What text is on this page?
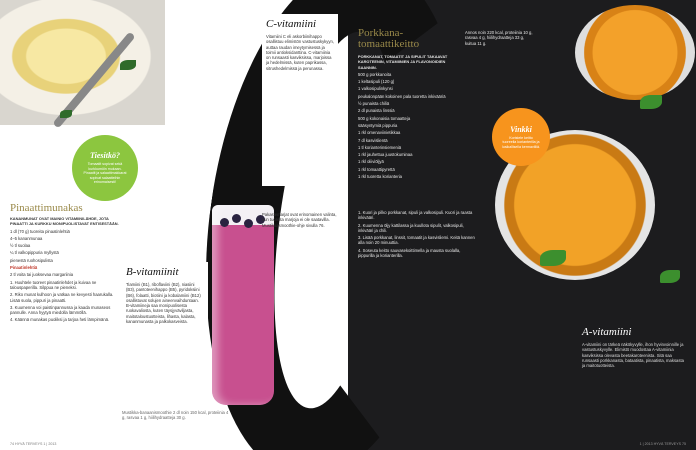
Tiesitkö?

Tomaatit sopivat sekä kurkkumöin mukaan. Pinaatit ja salaattimakkarat sopivat salaatteihin erinomaisesti!

Pinaattimunakas

KANANMUNAT OVAT MAINIO VITAMIINILÄHDE, JOTA PINAATTI JA KURKKU MONIPUOLISTAVAT ENTISESTÄÄN.

1 dl (70 g) tuoreita pinaatinlehtiä

4–5 kananmunaa

½ tl suolaa

¼ tl valkopippuria myllystä

pienestä ruohosipulista

Pinaatinlehtiä

2 tl voita tai juoksevaa margariinia

1. Huuhtele tuoreet pinaatinlehdet ja kuivaa ne talouspaperilla. Silppua ne pieneksi.

2. Riko munat kulhoon ja vatkaa ne kevyesti haarukalla. Lisää suola, pippuri ja pinaatti.

3. Kuumenna voi paistinpannussa ja kaada munaseos pannulle. Anna hyytyä miedolla lämmöllä.

4. Käännä munakas puoliksi ja tarjoa heti lämpimänä.

74 HYVÄ TERVEYS 1 | 2013
C-vitamiini
Vitamiini C eli askorbiinihappo osallistuu elimistön vastustuskykyyn, auttaa raudan imeytymisessä ja toimii antioksidanttina. C-vitamiinia on runsaasti kasviksissa, marjoissa ja hedelmissä, kuten paprikassa, sitrushedelmissä ja perunassa.
Pakastemarjat ovat erinomainen valinta, kun tuoreita marjoja ei ole saatavilla. Mustikkasmoothie-ohje sivulla 76.
B-vitamiinit
Tiamiini (B1), riboflaviini (B2), niasiini (B3), pantoteenihappo (B5), pyridoksiini (B6), folaatti, biotiini ja kobalamiini (B12) osallistuvat solujen aineenvaihduntaan. B-vitamiineja saa monipuolisesta ruokavaliosta, kuten täysjyväviljasta, maitotaloustuotteista, lihasta, kalasta, kananmunasta ja palkokasveista.
Mustikka-banaanismoothie 2 dl noin 150 kcal, proteiinia 4 g, rasvaa 1 g, hiilihydraatteja 30 g.
Porkkana-tomaattikeitto

PORKKANAT, TOMAATIT JA SIPULIT TAKAAVAT KAROTEENIN, VITAMIINIEN JA FLAVONOIDIEN SAANNIN.

500 g porkkanoita

1 keltasipuli (120 g)

1 valkosipulinkynsi

peukalonpään kokoinen pala tuoretta inkivääriä

½ punaista chiliä

2 dl punaista linssiä

500 g kokonaisia tomaatteja

sääsyntymiä pippuria

1 rkl omenaviinietikkaa

7 dl kasvislientä

1 tl korianterinsiemeniä

1 rkl jauhettua juustokuminaa

1 rkl oliiviöljyä

1 rkl tomaattipyrettä

1 rkl tuoretta korianteria

1. Kuori ja pilko porkkanat, sipuli ja valkosipuli. Kuori ja raasta inkivääri.

2. Kuumenna öljy kattilassa ja kuullota sipulit, valkosipuli, inkivääri ja chili.

3. Lisää porkkanat, linssit, tomaatit ja kasvisliemi. Keitä kannen alla noin 20 minuuttia.

4. Soseuta keitto sauvasekoittimella ja mausta suolalla, pippurilla ja korianterilla.

Annos noin 220 kcal, proteiinia 10 g, rasvaa 4 g, hiilihydraatteja 33 g, kuitua 11 g.
Vinkki

Koristele keitto tuoreella korianterilla ja lusikallisella kermaviiliä.

A-vitamiini
A-vitamiini on tärkeä näkökyvylle, ihon hyvinvoinnille ja vastustuskyvylle. Elimistö muodostaa A-vitamiinia kasviksissa olevasta beetakaroteenista. Sitä saa runsaasti porkkanasta, bataatista, pinaatista, maksasta ja maitotuotteista.
1 | 2013 HYVÄ TERVEYS 75
